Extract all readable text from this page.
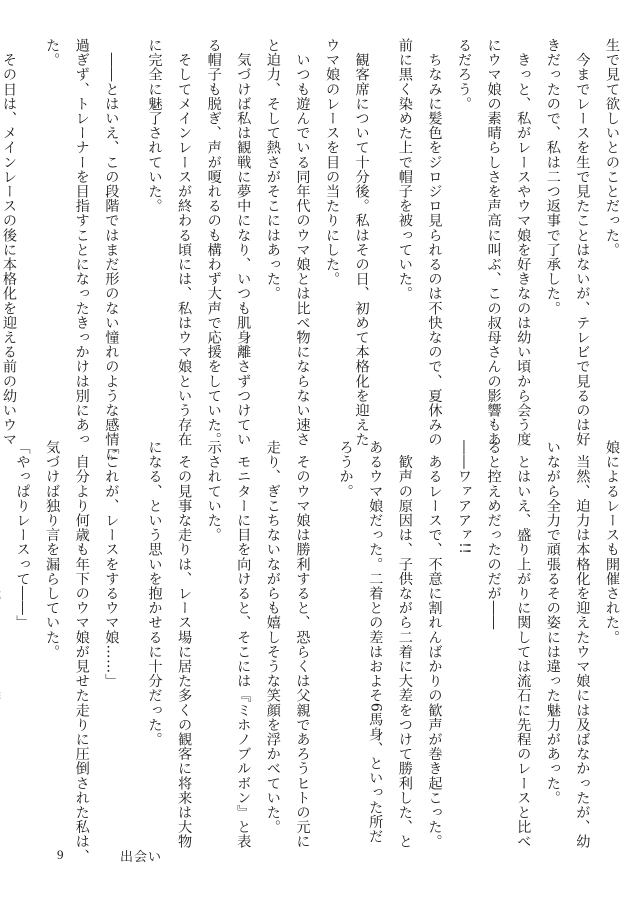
生で見て欲しいとのことだった。
　今までレースを生で見たことはないが、テレビで見るのは好
きだったので、私は二つ返事で了承した。
　きっと、私がレースやウマ娘を好きなのは幼い頃から会う度
にウマ娘の素晴らしさを声高に叫ぶ、この叔母さんの影響もあ
るだろう。
　ちなみに髪色をジロジロ見られるのは不快なので、夏休みの
前に黒く染めた上で帽子を被っていた。
　観客席について十分後。私はその日、初めて本格化を迎えた
ウマ娘のレースを目の当たりにした。
　いつも遊んでいる同年代のウマ娘とは比べ物にならない速さ
と迫力、そして熱さがそこにはあった。
　気づけば私は観戦に夢中になり、いつも肌身離さずつけてい
る帽子も脱ぎ、声が嗄れるのも構わず大声で応援をしていた。
　そしてメインレースが終わる頃には、私はウマ娘という存在
に完全に魅了されていた。
　――とはいえ、この段階ではまだ形のない憧れのような感情に
過ぎず、トレーナーを目指すことになったきっかけは別にあっ
た。
　その日は、メインレースの後に本格化を迎える前の幼いウマ
娘によるレースも開催された。
　当然、迫力は本格化を迎えたウマ娘には及ばなかったが、幼
いながら全力で頑張るその姿には違った魅力があった。
　とはいえ、盛り上がりに関しては流石に先程のレースと比べ
ると控えめだったのだが――
――ワァアアァ!!
　あるレースで、不意に割れんばかりの歓声が巻き起こった。
　歓声の原因は、子供ながら二着に大差をつけて勝利した、と
あるウマ娘だった。二着との差はおよそ6馬身、といった所だ
ろうか。
　そのウマ娘は勝利すると、恐らくは父親であろうヒトの元に
走り、ぎこちないながらも嬉しそうな笑顔を浮かべていた。
　モニターに目を向けると、そこには『ミホノブルボン』と表
示されていた。
　その見事な走りは、レース場に居た多くの観客に将来は大物
になる、という思いを抱かせるに十分だった。
「これが、レースをするウマ娘……」
　自分より何歳も年下のウマ娘が見せた走りに圧倒された私は、
気づけば独り言を漏らしていた。
「やっぱりレースって――」
9	出会い
